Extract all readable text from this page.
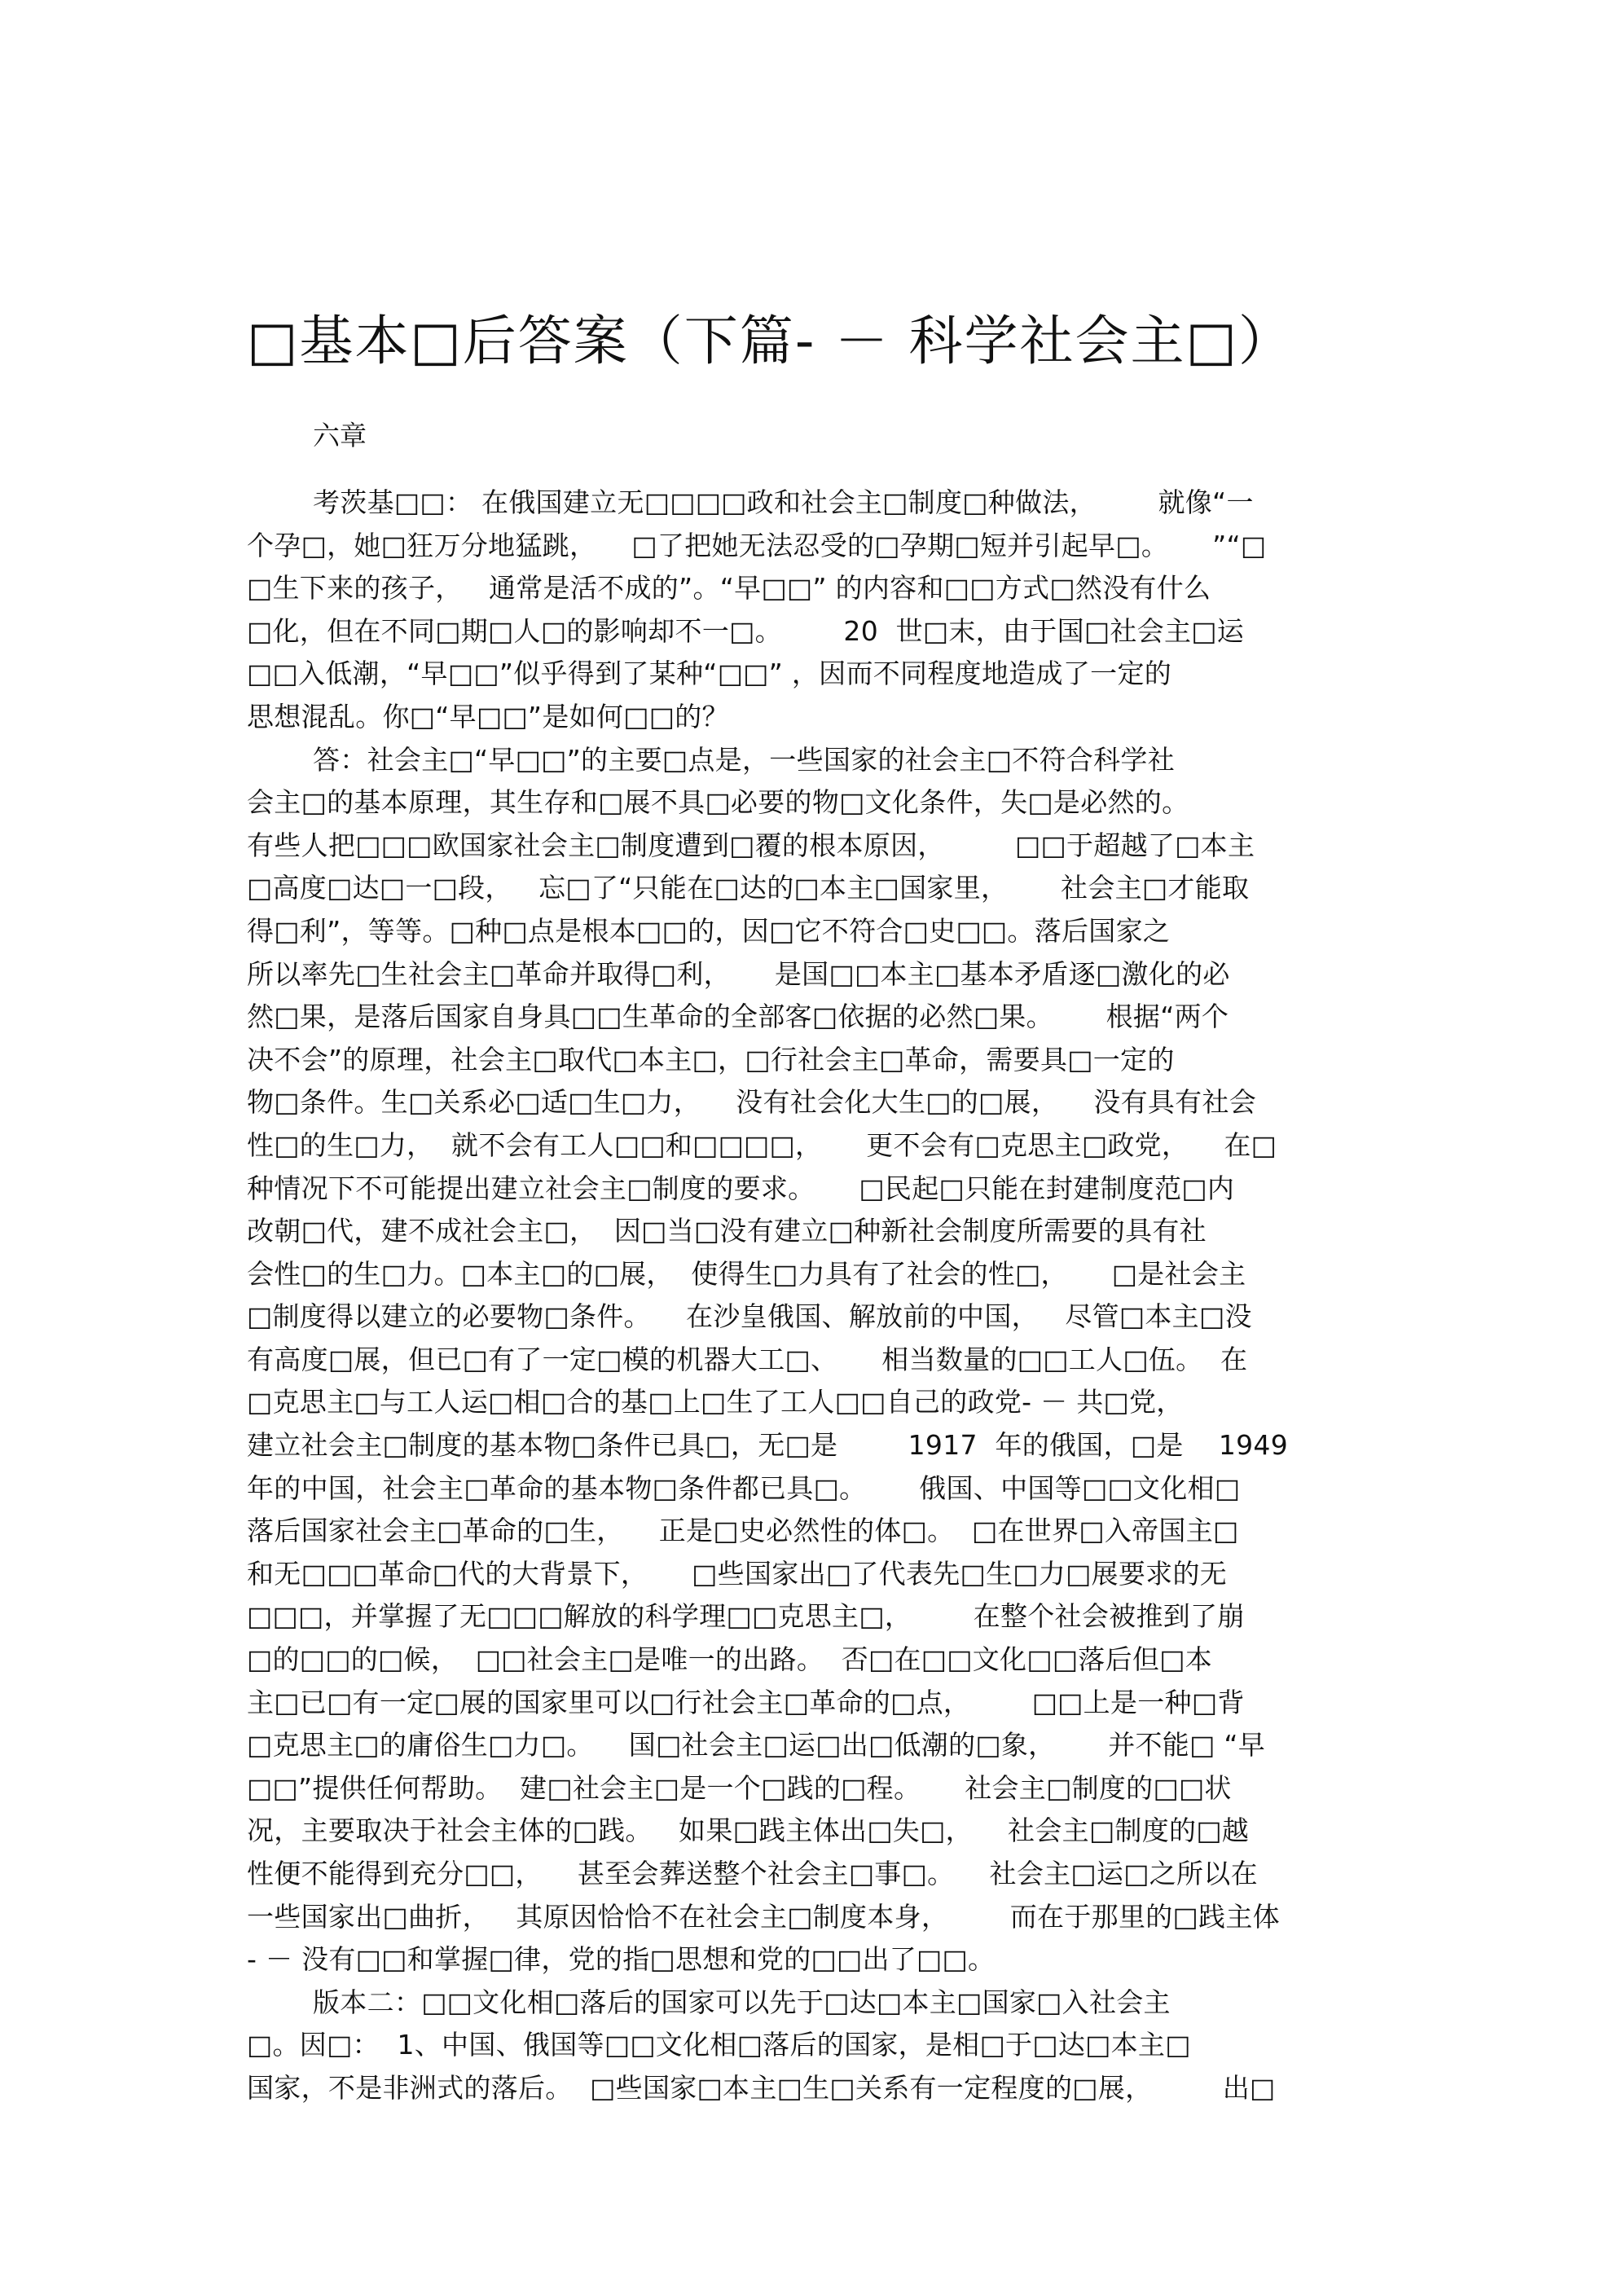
□基本□后答案（下篇- － 科学社会主□）
六章
考茨基□□： 在俄国建立无□□□□政和社会主□制度□种做法，       就像“一
个孕□，她□狂万分地猛跳，    □了把她无法忍受的□孕期□短并引起早□。     ”“□
□生下来的孩子，   通常是活不成的”。“早□□” 的内容和□□方式□然没有什么
□化，但在不同□期□人□的影响却不一□。       20  世□末，由于国□社会主□运
□□入低潮，“早□□”似乎得到了某种“□□” ，因而不同程度地造成了一定的
思想混乱。你□“早□□”是如何□□的？
答：社会主□“早□□”的主要□点是，一些国家的社会主□不符合科学社
会主□的基本原理，其生存和□展不具□必要的物□文化条件，失□是必然的。
有些人把□□□欧国家社会主□制度遭到□覆的根本原因，        □□于超越了□本主
□高度□达□一□段，   忘□了“只能在□达的□本主□国家里，      社会主□才能取
得□利”，等等。□种□点是根本□□的，因□它不符合□史□□。落后国家之
所以率先□生社会主□革命并取得□利，     是国□□本主□基本矛盾逐□激化的必
然□果，是落后国家自身具□□生革命的全部客□依据的必然□果。      根据“两个
决不会”的原理，社会主□取代□本主□，□行社会主□革命，需要具□一定的
物□条件。生□关系必□适□生□力，    没有社会化大生□的□展，    没有具有社会
性□的生□力，  就不会有工人□□和□□□□，     更不会有□克思主□政党，    在□
种情况下不可能提出建立社会主□制度的要求。     □民起□只能在封建制度范□内
改朝□代，建不成社会主□，  因□当□没有建立□种新社会制度所需要的具有社
会性□的生□力。□本主□的□展，  使得生□力具有了社会的性□，     □是社会主
□制度得以建立的必要物□条件。    在沙皇俄国、解放前的中国，   尽管□本主□没
有高度□展，但已□有了一定□模的机器大工□、     相当数量的□□工人□伍。  在
□克思主□与工人运□相□合的基□上□生了工人□□自己的政党- － 共□党，
建立社会主□制度的基本物□条件已具□，无□是        1917  年的俄国，□是    1949
年的中国，社会主□革命的基本物□条件都已具□。      俄国、中国等□□文化相□
落后国家社会主□革命的□生，    正是□史必然性的体□。  □在世界□入帝国主□
和无□□□革命□代的大背景下，     □些国家出□了代表先□生□力□展要求的无
□□□，并掌握了无□□□解放的科学理□□克思主□，       在整个社会被推到了崩
□的□□的□候，  □□社会主□是唯一的出路。  否□在□□文化□□落后但□本
主□已□有一定□展的国家里可以□行社会主□革命的□点，       □□上是一种□背
□克思主□的庸俗生□力□。    国□社会主□运□出□低潮的□象，      并不能□ “早
□□”提供任何帮助。  建□社会主□是一个□践的□程。     社会主□制度的□□状
况，主要取决于社会主体的□践。   如果□践主体出□失□，    社会主□制度的□越
性便不能得到充分□□，    甚至会葬送整个社会主□事□。    社会主□运□之所以在
一些国家出□曲折，   其原因恰恰不在社会主□制度本身，       而在于那里的□践主体
- － 没有□□和掌握□律，党的指□思想和党的□□出了□□。
版本二：□□文化相□落后的国家可以先于□达□本主□国家□入社会主
□。因□：  1、中国、俄国等□□文化相□落后的国家，是相□于□达□本主□
国家，不是非洲式的落后。  □些国家□本主□生□关系有一定程度的□展，        出□
